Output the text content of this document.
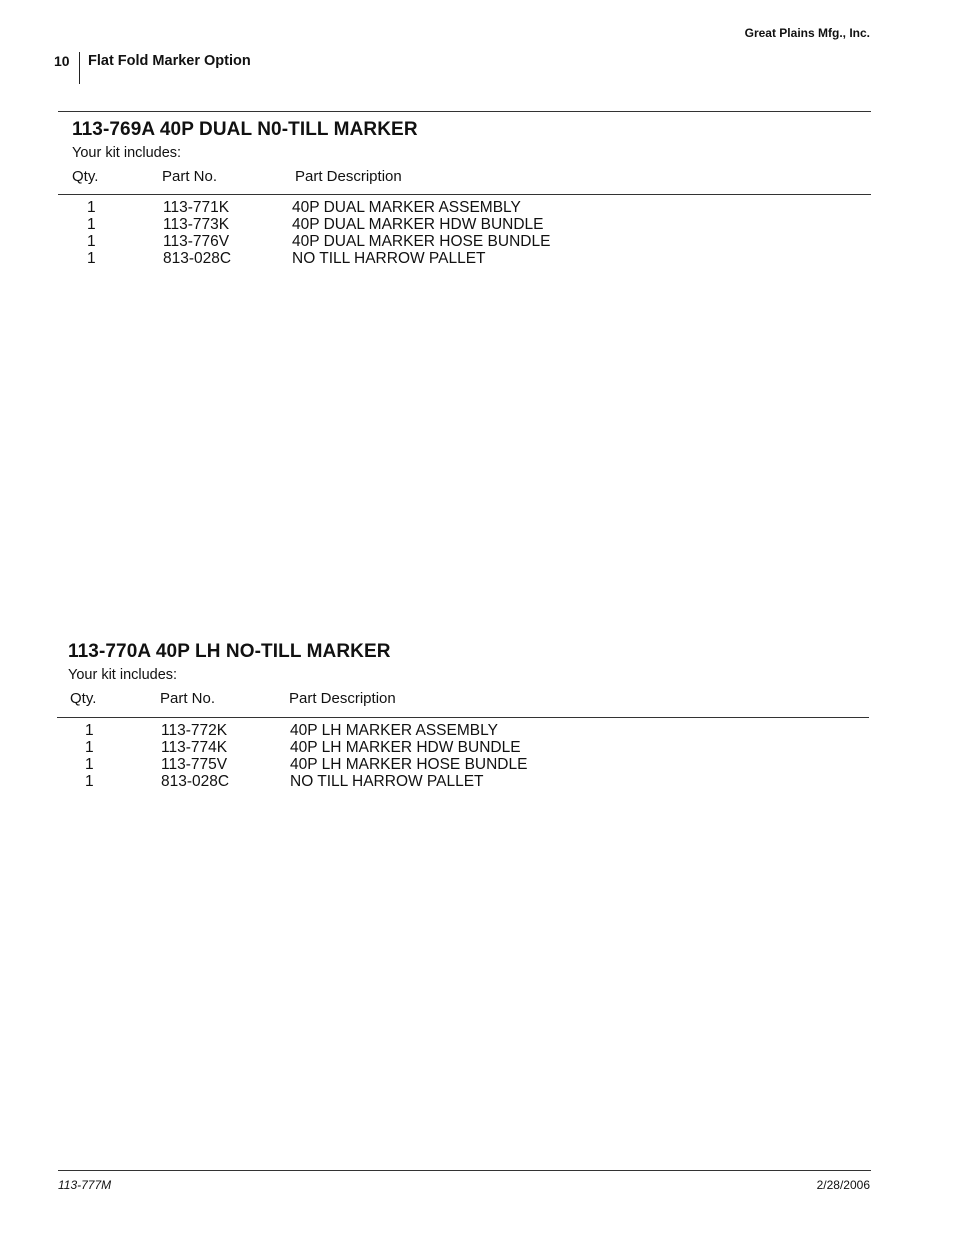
Great Plains Mfg., Inc.
10 Flat Fold Marker Option
113-769A 40P DUAL N0-TILL MARKER
Your kit includes:
Qty.	Part No.	Part Description
1	113-771K	40P DUAL MARKER ASSEMBLY
1	113-773K	40P DUAL MARKER HDW BUNDLE
1	113-776V	40P DUAL MARKER HOSE BUNDLE
1	813-028C	NO TILL HARROW PALLET
113-770A 40P LH NO-TILL MARKER
Your kit includes:
Qty.	Part No.	Part Description
1	113-772K	40P LH MARKER ASSEMBLY
1	113-774K	40P LH MARKER HDW BUNDLE
1	113-775V	40P LH MARKER HOSE BUNDLE
1	813-028C	NO TILL HARROW PALLET
113-777M	2/28/2006
